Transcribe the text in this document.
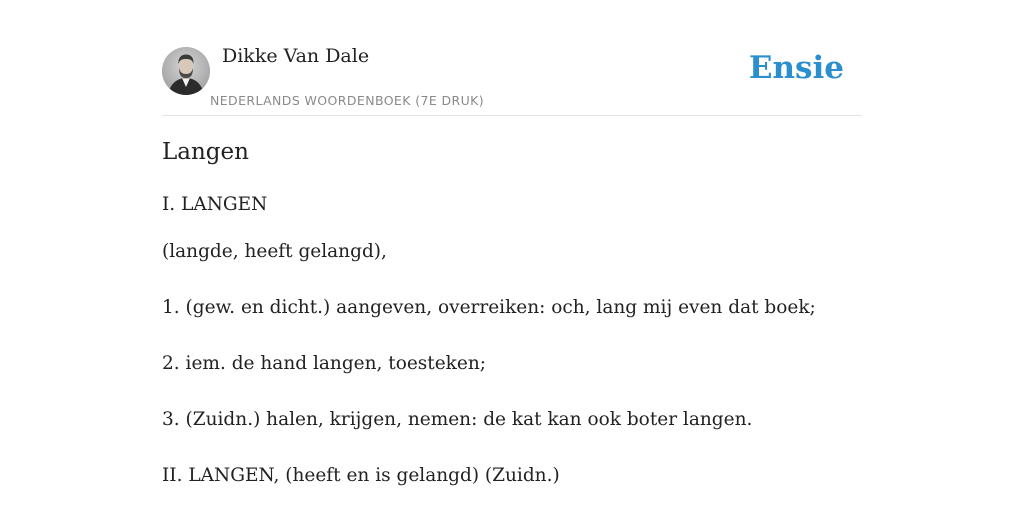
Dikke Van Dale
NEDERLANDS WOORDENBOEK (7E DRUK)
Ensie
Langen

I. LANGEN

(langde, heeft gelangd),

1. (gew. en dicht.) aangeven, overreiken: och, lang mij even dat boek;

2. iem. de hand langen, toesteken;

3. (Zuidn.) halen, krijgen, nemen: de kat kan ook boter langen.

II. LANGEN, (heeft en is gelangd) (Zuidn.)
